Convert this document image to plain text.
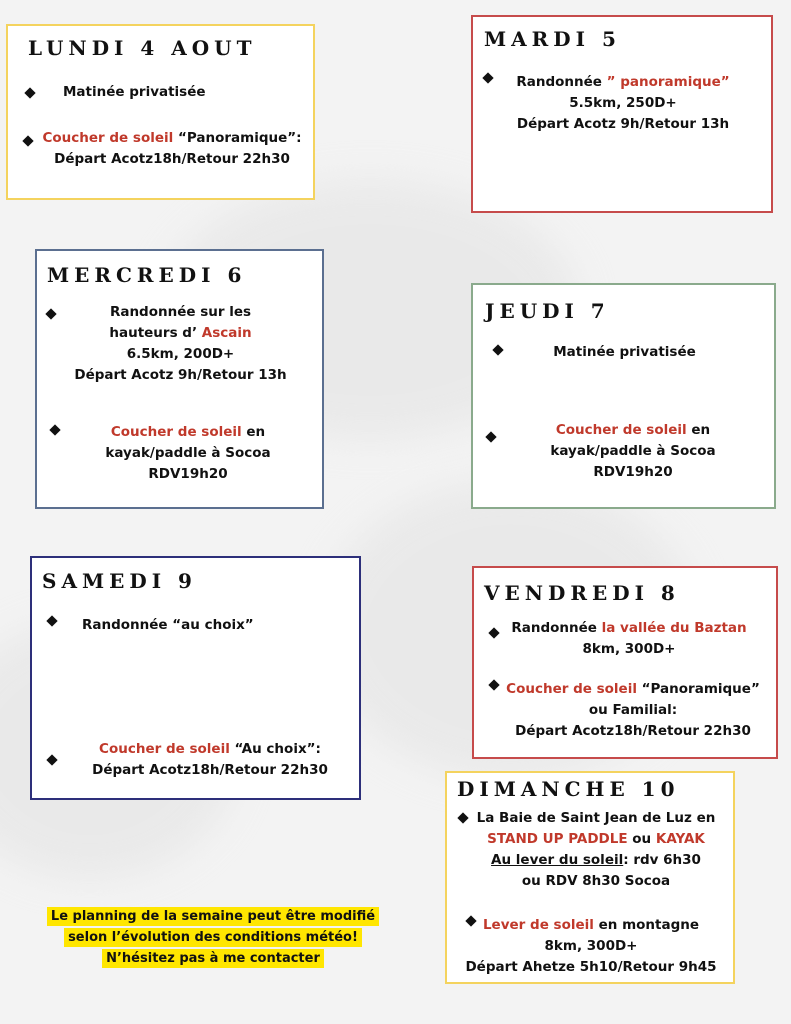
LUNDI 4 AOUT
Matinée privatisée
Coucher de soleil “Panoramique”:
Départ Acotz18h/Retour 22h30
MARDI 5
Randonnée ” panoramique”
5.5km, 250D+
Départ Acotz 9h/Retour 13h
MERCREDI 6
Randonnée sur les
hauteurs d’ Ascain
6.5km, 200D+
Départ Acotz 9h/Retour 13h
Coucher de soleil en
kayak/paddle à Socoa
RDV19h20
JEUDI 7
Matinée privatisée
Coucher de soleil en
kayak/paddle à Socoa
RDV19h20
SAMEDI 9
Randonnée “au choix”
Coucher de soleil “Au choix”:
Départ Acotz18h/Retour 22h30
VENDREDI 8
Randonnée la vallée du Baztan
8km, 300D+
Coucher de soleil “Panoramique”
ou Familial:
Départ Acotz18h/Retour 22h30
DIMANCHE 10
La Baie de Saint Jean de Luz en
STAND UP PADDLE ou KAYAK
Au lever du soleil: rdv 6h30
ou RDV 8h30 Socoa
Lever de soleil en montagne
8km, 300D+
Départ Ahetze 5h10/Retour 9h45
Le planning de la semaine peut être modifié
selon l’évolution des conditions météo!
N’hésitez pas à me contacter
